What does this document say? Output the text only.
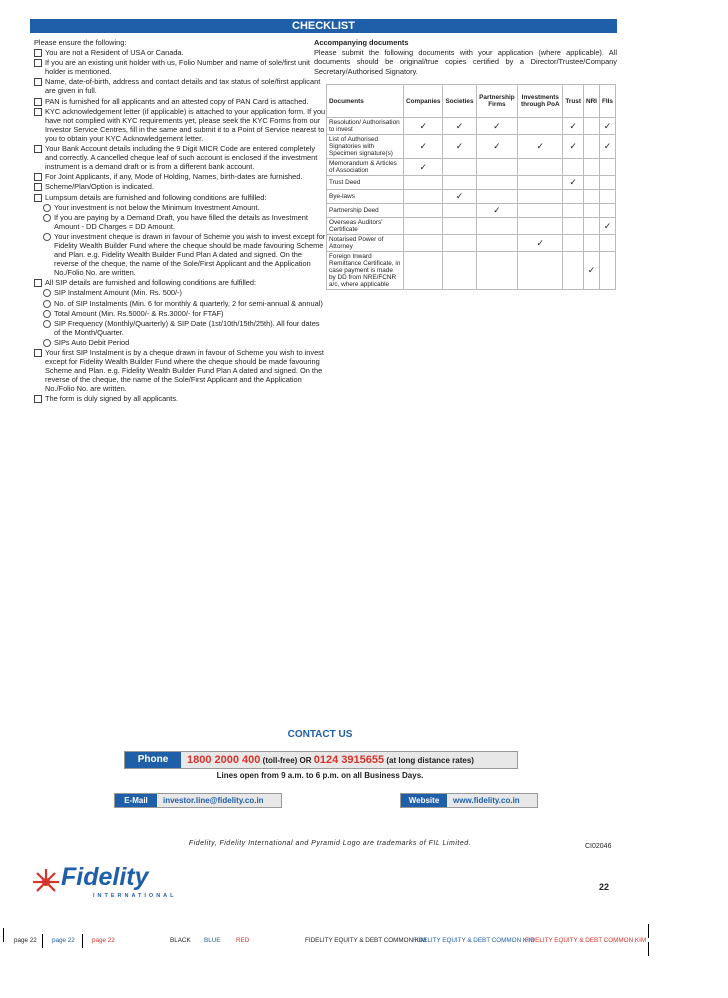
CHECKLIST
Please ensure the following:
You are not a Resident of USA or Canada.
If you are an existing unit holder with us, Folio Number and name of sole/first unit holder is mentioned.
Name, date-of-birth, address and contact details and tax status of sole/first applicant are given in full.
PAN is furnished for all applicants and an attested copy of PAN Card is attached.
KYC acknowledgement letter (if applicable) is attached to your application form. If you have not complied with KYC requirements yet, please seek the KYC Forms from our Investor Service Centres, fill in the same and submit it to a Point of Service nearest to you to obtain your KYC Acknowledgement letter.
Your Bank Account details including the 9 Digit MICR Code are entered completely and correctly. A cancelled cheque leaf of such account is enclosed if the investment instrument is a demand draft or is from a different bank account.
For Joint Applicants, if any, Mode of Holding, Names, birth-dates are furnished.
Scheme/Plan/Option is indicated.
Lumpsum details are furnished and following conditions are fulfilled:
Your investment is not below the Minimum Investment Amount.
If you are paying by a Demand Draft, you have filled the details as Investment Amount - DD Charges = DD Amount.
Your investment cheque is drawn in favour of Scheme you wish to invest except for Fidelity Wealth Builder Fund where the cheque should be made favouring Scheme and Plan. e.g. Fidelity Wealth Builder Fund Plan A dated and signed. On the reverse of the cheque, the name of the Sole/First Applicant and the Application No./Folio No. are written.
All SIP details are furnished and following conditions are fulfilled:
SIP Instalment Amount (Min. Rs. 500/-)
No. of SIP Instalments (Min. 6 for monthly & quarterly, 2 for semi-annual & annual)
Total Amount (Min. Rs.5000/- & Rs.3000/- for FTAF)
SIP Frequency (Monthly/Quarterly) & SIP Date (1st/10th/15th/25th). All four dates of the Month/Quarter.
SIPs Auto Debit Period
Your first SIP Instalment is by a cheque drawn in favour of Scheme you wish to invest except for Fidelity Wealth Builder Fund where the cheque should be made favouring Scheme and Plan. e.g. Fidelity Wealth Builder Fund Plan A dated and signed. On the reverse of the cheque, the name of the Sole/First Applicant and the Application No./Folio No. are written.
The form is duly signed by all applicants.
Accompanying documents
Please submit the following documents with your application (where applicable). All documents should be original/true copies certified by a Director/Trustee/Company Secretary/Authorised Signatory.
Documents	Companies	Societies	Partnership Firms	Investments through PoA	Trust	NRI	FIIs
Resolution/ Authorisation to invest	✓	✓	✓		✓		✓
List of Authorised Signatories with Specimen signature(s)	✓	✓	✓	✓	✓		✓
Memorandum & Articles of Association	✓						
Trust Deed					✓		
Bye-laws		✓					
Partnership Deed			✓				
Overseas Auditors' Certificate							✓
Notarised Power of Attorney				✓			
Foreign Inward Remittance Certificate, in case payment is made by DD from NRE/FCNR a/c, where applicable						✓	
CONTACT US
Phone	1800 2000 400 (toll-free) OR 0124 3915655 (at long distance rates)
Lines open from 9 a.m. to 6 p.m. on all Business Days.
E-Mail	investor.line@fidelity.co.in	Website	www.fidelity.co.in
Fidelity, Fidelity International and Pyramid Logo are trademarks of FIL Limited.	CI02046
Fidelity
INTERNATIONAL
22
page 22 page 22	page 22	BLACK BLUE RED	FIDELITY EQUITY & DEBT COMMON KIM
FIDELITY EQUITY & DEBT COMMON KIM
FIDELITY EQUITY & DEBT COMMON KIM
